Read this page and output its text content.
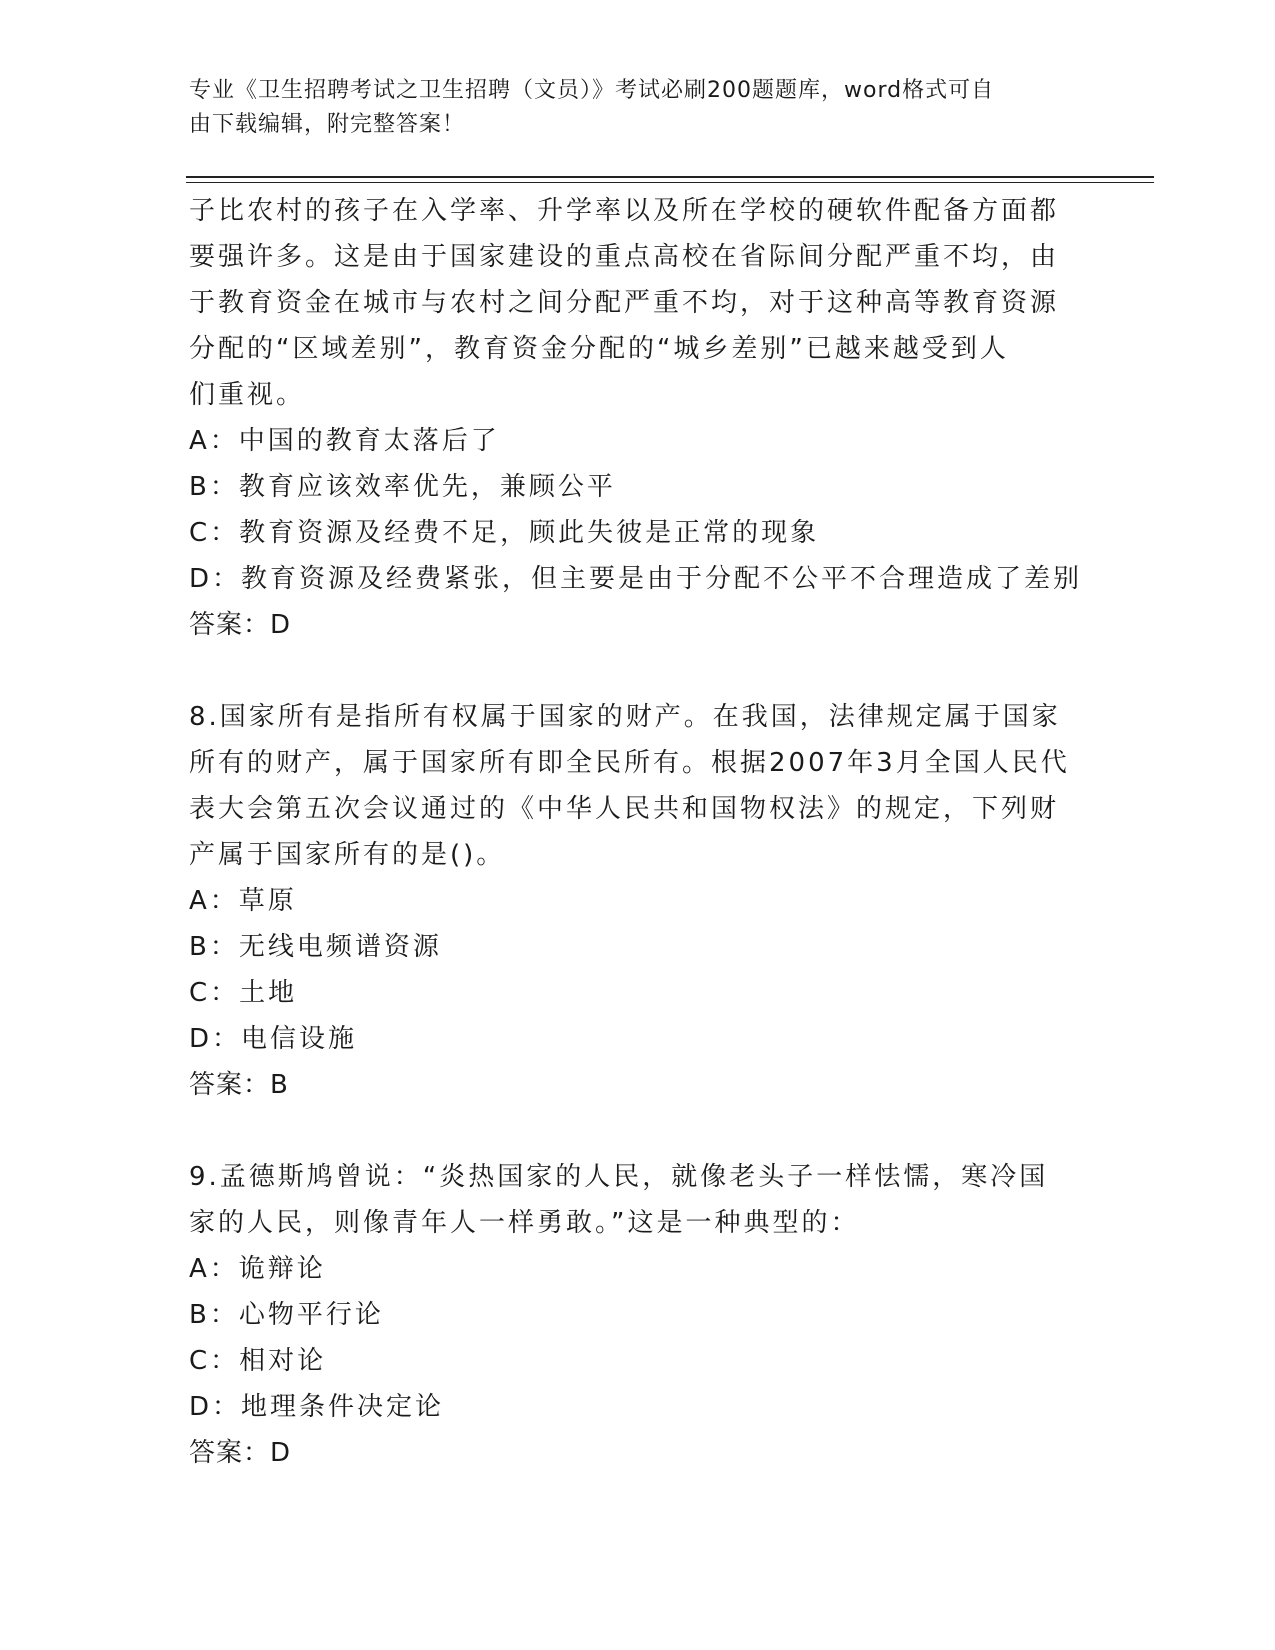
专业《卫生招聘考试之卫生招聘（文员）》考试必刷200题题库，word格式可自
由下载编辑，附完整答案！

子比农村的孩子在入学率、升学率以及所在学校的硬软件配备方面都

要强许多。这是由于国家建设的重点高校在省际间分配严重不均，由

于教育资金在城市与农村之间分配严重不均，对于这种高等教育资源

分配的“区域差别”，教育资金分配的“城乡差别”已越来越受到人

们重视。

A：中国的教育太落后了

B：教育应该效率优先，兼顾公平

C：教育资源及经费不足，顾此失彼是正常的现象

D：教育资源及经费紧张，但主要是由于分配不公平不合理造成了差别

答案：D

8.国家所有是指所有权属于国家的财产。在我国，法律规定属于国家

所有的财产，属于国家所有即全民所有。根据2007年3月全国人民代

表大会第五次会议通过的《中华人民共和国物权法》的规定，下列财

产属于国家所有的是()。

A：草原

B：无线电频谱资源

C：土地

D：电信设施

答案：B

9.孟德斯鸠曾说：“炎热国家的人民，就像老头子一样怯懦，寒冷国

家的人民，则像青年人一样勇敢。”这是一种典型的：

A：诡辩论

B：心物平行论

C：相对论

D：地理条件决定论

答案：D
